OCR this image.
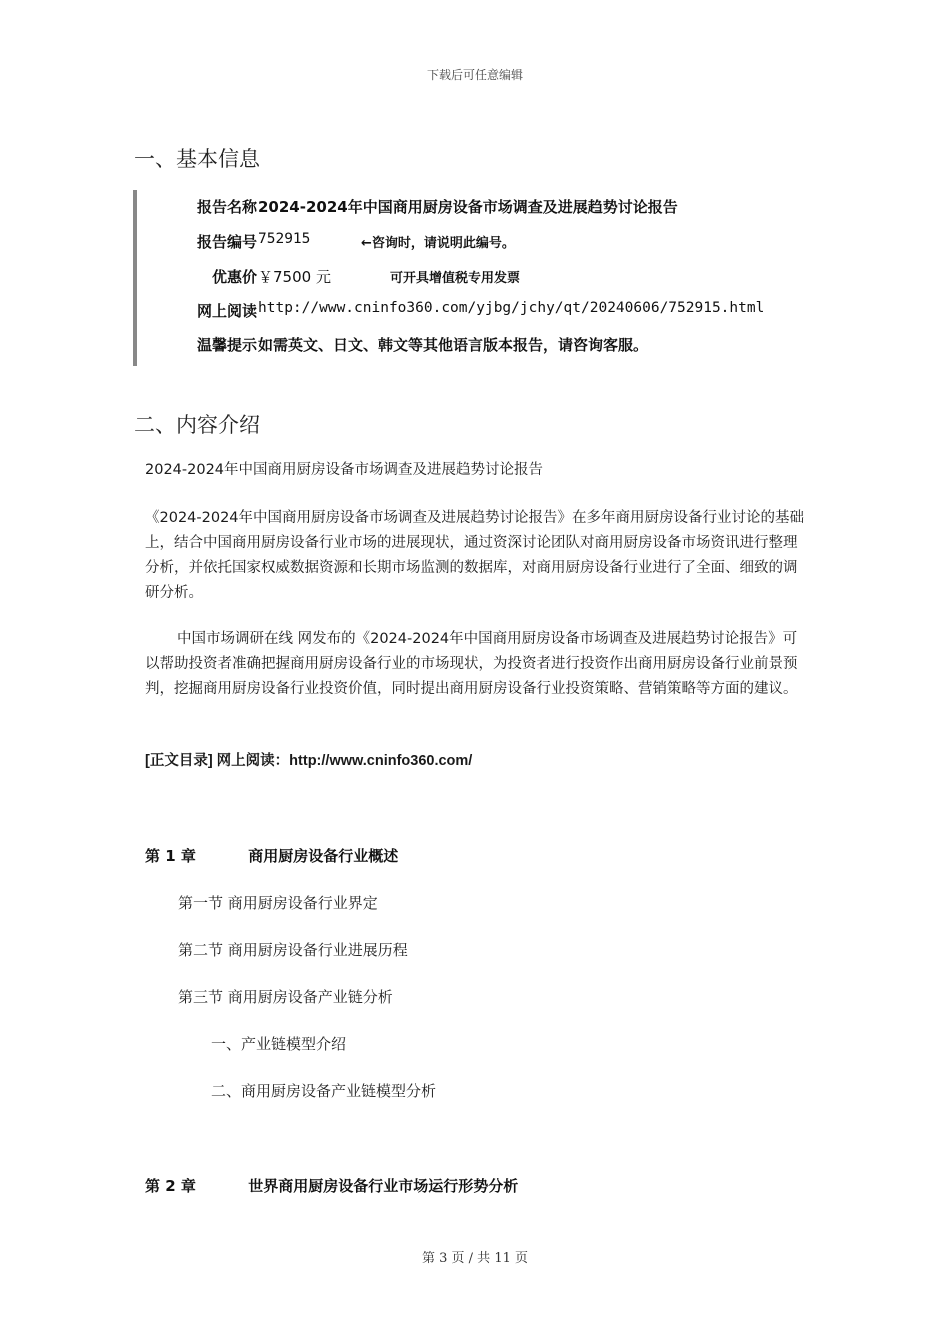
下载后可任意编辑
一、基本信息
报告名称 2024-2024年中国商用厨房设备市场调查及进展趋势讨论报告
报告编号 752915	←咨询时，请说明此编号。
优惠价 ￥7500 元	可开具增值税专用发票
网上阅读 http://www.cninfo360.com/yjbg/jchy/qt/20240606/752915.html
温馨提示 如需英文、日文、韩文等其他语言版本报告，请咨询客服。
二、内容介绍

2024-2024年中国商用厨房设备市场调查及进展趋势讨论报告

《2024-2024年中国商用厨房设备市场调查及进展趋势讨论报告》在多年商用厨房设备行业讨论的基础上，结合中国商用厨房设备行业市场的进展现状，通过资深讨论团队对商用厨房设备市场资讯进行整理分析，并依托国家权威数据资源和长期市场监测的数据库，对商用厨房设备行业进行了全面、细致的调研分析。

中国市场调研在线 网发布的《2024-2024年中国商用厨房设备市场调查及进展趋势讨论报告》可以帮助投资者准确把握商用厨房设备行业的市场现状，为投资者进行投资作出商用厨房设备行业前景预判，挖掘商用厨房设备行业投资价值，同时提出商用厨房设备行业投资策略、营销策略等方面的建议。

[正文目录] 网上阅读：http://www.cninfo360.com/

第 1 章	商用厨房设备行业概述
第一节 商用厨房设备行业界定
第二节 商用厨房设备行业进展历程
第三节 商用厨房设备产业链分析
一、产业链模型介绍
二、商用厨房设备产业链模型分析
第 2 章	世界商用厨房设备行业市场运行形势分析
第 3 页 / 共 11 页
